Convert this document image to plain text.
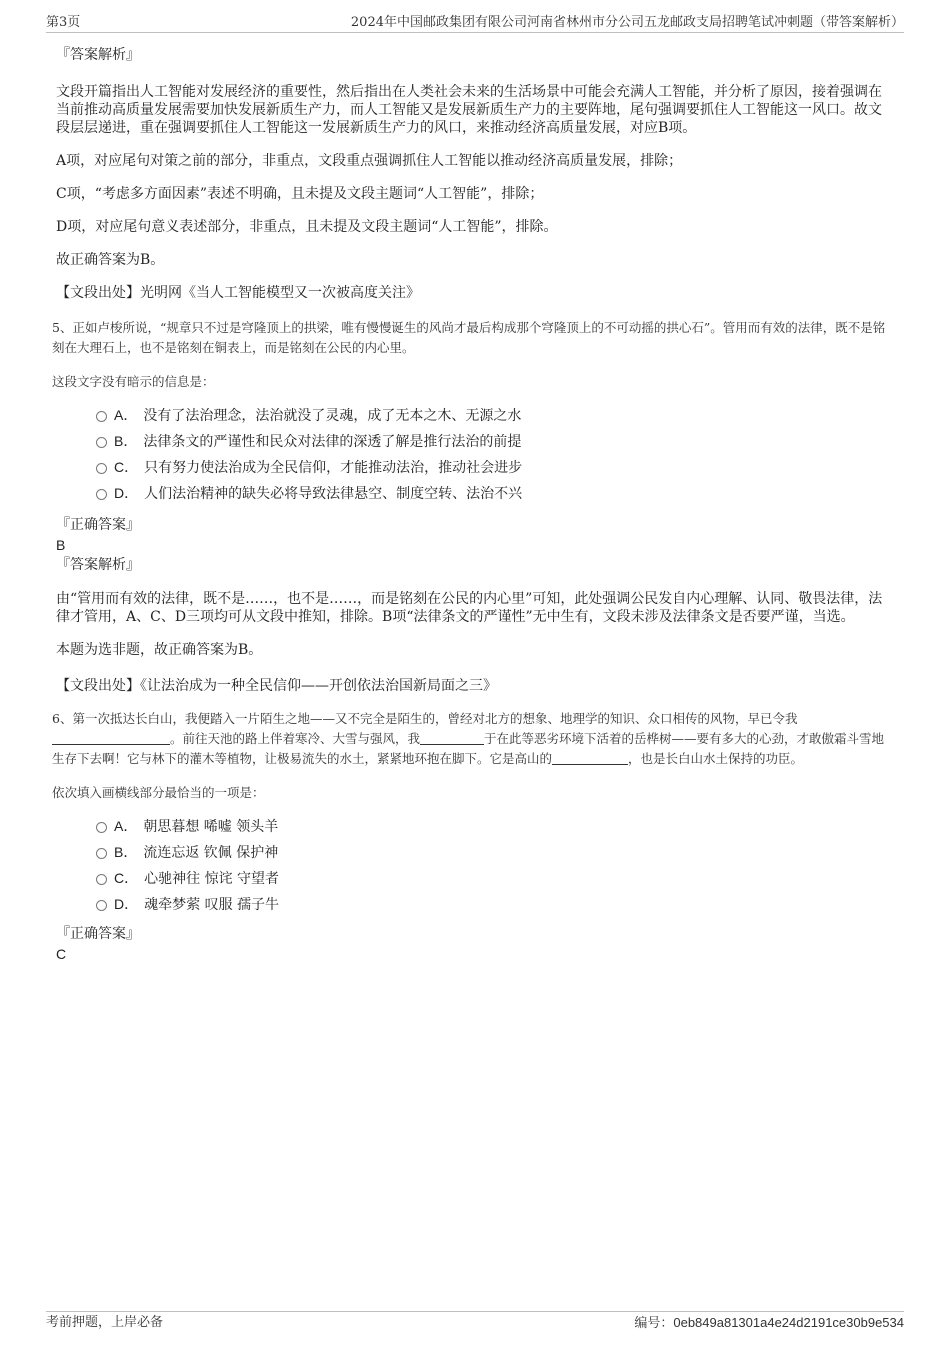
第3页	2024年中国邮政集团有限公司河南省林州市分公司五龙邮政支局招聘笔试冲刺题（带答案解析）

『答案解析』

文段开篇指出人工智能对发展经济的重要性，然后指出在人类社会未来的生活场景中可能会充满人工智能，并分析了原因，接着强调在当前推动高质量发展需要加快发展新质生产力，而人工智能又是发展新质生产力的主要阵地，尾句强调要抓住人工智能这一风口。故文段层层递进，重在强调要抓住人工智能这一发展新质生产力的风口，来推动经济高质量发展，对应B项。

A项，对应尾句对策之前的部分，非重点，文段重点强调抓住人工智能以推动经济高质量发展，排除；

C项，“考虑多方面因素”表述不明确，且未提及文段主题词“人工智能”，排除；

D项，对应尾句意义表述部分，非重点，且未提及文段主题词“人工智能”，排除。

故正确答案为B。

【文段出处】光明网《当人工智能模型又一次被高度关注》

5、正如卢梭所说，“规章只不过是穹隆顶上的拱梁，唯有慢慢诞生的风尚才最后构成那个穹隆顶上的不可动摇的拱心石”。管用而有效的法律，既不是铭刻在大理石上，也不是铭刻在铜表上，而是铭刻在公民的内心里。

这段文字没有暗示的信息是：

A． 没有了法治理念，法治就没了灵魂，成了无本之木、无源之水
B． 法律条文的严谨性和民众对法律的深透了解是推行法治的前提
C． 只有努力使法治成为全民信仰，才能推动法治，推动社会进步
D． 人们法治精神的缺失必将导致法律悬空、制度空转、法治不兴

『正确答案』

B

『答案解析』

由“管用而有效的法律，既不是……，也不是……，而是铭刻在公民的内心里”可知，此处强调公民发自内心理解、认同、敬畏法律，法律才管用，A、C、D三项均可从文段中推知，排除。B项“法律条文的严谨性”无中生有，文段未涉及法律条文是否要严谨，当选。

本题为选非题，故正确答案为B。

【文段出处】《让法治成为一种全民信仰——开创依法治国新局面之三》

6、第一次抵达长白山，我便踏入一片陌生之地——又不完全是陌生的，曾经对北方的想象、地理学的知识、众口相传的风物，早已令我。前往天池的路上伴着寒冷、大雪与强风，我	于在此等恶劣环境下活着的岳桦树——要有多大的心劲，才敢傲霜斗雪地生存下去啊！它与林下的灌木等植物，让极易流失的水土，紧紧地环抱在脚下。它是高山的	，也是长白山水土保持的功臣。

依次填入画横线部分最恰当的一项是：

A． 朝思暮想 唏嘘 领头羊
B． 流连忘返 钦佩 保护神
C． 心驰神往 惊诧 守望者
D． 魂牵梦萦 叹服 孺子牛

『正确答案』

C

考前押题，上岸必备	编号：0eb849a81301a4e24d2191ce30b9e534
